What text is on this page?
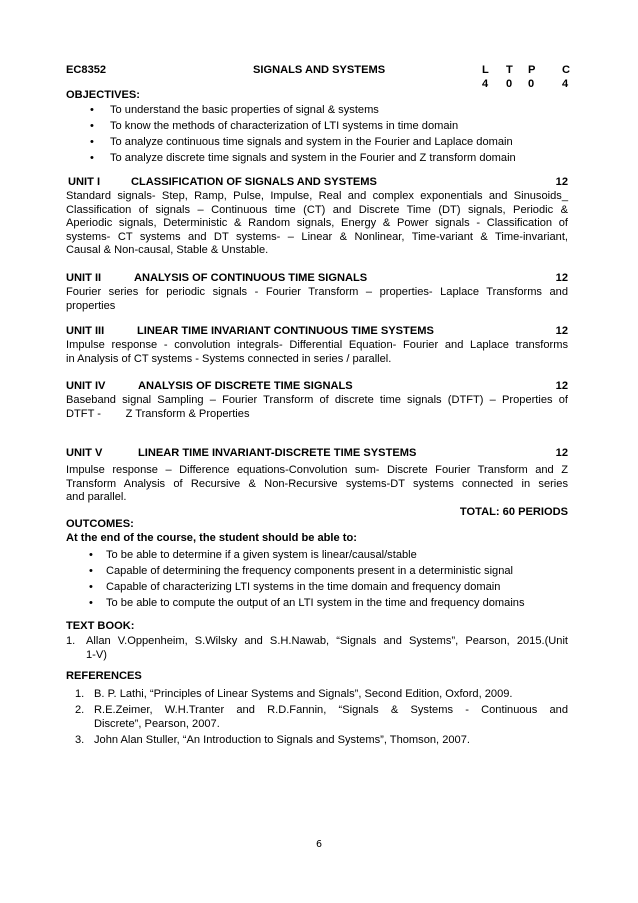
EC8352	SIGNALS AND SYSTEMS	L T P C
4 0 0	4
OBJECTIVES:
• To understand the basic properties of signal & systems
• To know the methods of characterization of LTI systems in time domain
• To analyze continuous time signals and system in the Fourier and Laplace domain
• To analyze discrete time signals and system in the Fourier and Z transform domain
UNIT I	CLASSIFICATION OF SIGNALS AND SYSTEMS	12
Standard signals- Step, Ramp, Pulse, Impulse, Real and complex exponentials and Sinusoids_
Classification of signals – Continuous time (CT) and Discrete Time (DT) signals, Periodic &
Aperiodic signals, Deterministic & Random signals, Energy & Power signals - Classification of
systems- CT systems and DT systems- – Linear & Nonlinear, Time-variant & Time-invariant,
Causal & Non-causal, Stable & Unstable.
UNIT II	ANALYSIS OF CONTINUOUS TIME SIGNALS	12
Fourier series for periodic signals - Fourier Transform – properties- Laplace Transforms and
properties
UNIT III	LINEAR TIME INVARIANT CONTINUOUS TIME SYSTEMS	12
Impulse response - convolution integrals- Differential Equation- Fourier and Laplace transforms
in Analysis of CT systems - Systems connected in series / parallel.
UNIT IV	ANALYSIS OF DISCRETE TIME SIGNALS	12
Baseband signal Sampling – Fourier Transform of discrete time signals (DTFT) – Properties of
DTFT -        Z Transform & Properties
UNIT V	LINEAR TIME INVARIANT-DISCRETE TIME SYSTEMS	12
Impulse response – Difference equations-Convolution sum- Discrete Fourier Transform and Z
Transform Analysis of Recursive & Non-Recursive systems-DT systems connected in series
and parallel.
TOTAL: 60 PERIODS
OUTCOMES:
At the end of the course, the student should be able to:
• To be able to determine if a given system is linear/causal/stable
• Capable of determining the frequency components present in a deterministic signal
• Capable of characterizing LTI systems in the time domain and frequency domain
• To be able to compute the output of an LTI system in the time and frequency domains
TEXT BOOK:
1. Allan V.Oppenheim, S.Wilsky and S.H.Nawab, “Signals and Systems”, Pearson, 2015.(Unit
1-V)
REFERENCES
1. B. P. Lathi, “Principles of Linear Systems and Signals”, Second Edition, Oxford, 2009.
2. R.E.Zeimer, W.H.Tranter and R.D.Fannin, “Signals & Systems - Continuous and
Discrete”, Pearson, 2007.
3. John Alan Stuller, “An Introduction to Signals and Systems”, Thomson, 2007.
6
